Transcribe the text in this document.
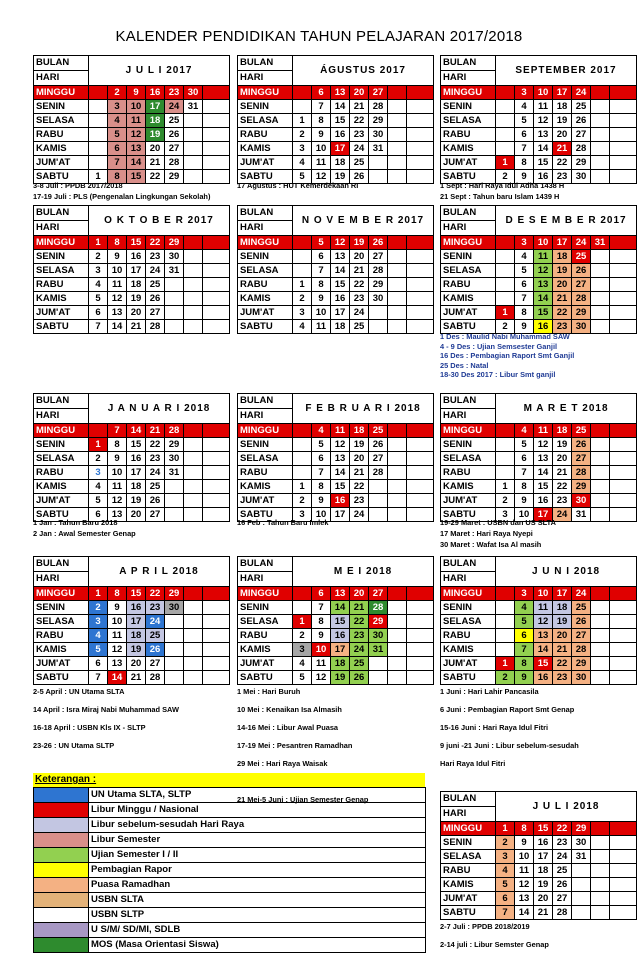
KALENDER PENDIDIKAN TAHUN PELAJARAN 2017/2018
BULAN	J U L I 2017						
HARI							
MINGGU		2	9	16	23	30	
SENIN		3	10	17	24	31	
SELASA		4	11	18	25		
RABU		5	12	19	26		
KAMIS		6	13	20	27		
JUM'AT		7	14	21	28		
SABTU	1	8	15	22	29		
3-8 Juli : PPDB 2017/2018
17-19 Juli : PLS (Pengenalan Lingkungan Sekolah)
BULAN	ÁGUSTUS 2017						
HARI							
MINGGU		6	13	20	27		
SENIN		7	14	21	28		
SELASA	1	8	15	22	29		
RABU	2	9	16	23	30		
KAMIS	3	10	17	24	31		
JUM'AT	4	11	18	25			
SABTU	5	12	19	26			
17 Agustus : HUT Kemerdekaan RI
BULAN	SEPTEMBER 2017						
HARI							
MINGGU		3	10	17	24		
SENIN		4	11	18	25		
SELASA		5	12	19	26		
RABU		6	13	20	27		
KAMIS		7	14	21	28		
JUM'AT	1	8	15	22	29		
SABTU	2	9	16	23	30		
1 Sept : Hari Raya Idul Adha 1438 H
21 Sept : Tahun baru Islam 1439 H
BULAN	O K T O B E R 2017						
HARI							
MINGGU	1	8	15	22	29		
SENIN	2	9	16	23	30		
SELASA	3	10	17	24	31		
RABU	4	11	18	25			
KAMIS	5	12	19	26			
JUM'AT	6	13	20	27			
SABTU	7	14	21	28			
BULAN	N O V E M B E R 2017						
HARI							
MINGGU		5	12	19	26		
SENIN		6	13	20	27		
SELASA		7	14	21	28		
RABU	1	8	15	22	29		
KAMIS	2	9	16	23	30		
JUM'AT	3	10	17	24			
SABTU	4	11	18	25			
BULAN	D E S E M B E R 2017						
HARI							
MINGGU		3	10	17	24	31	
SENIN		4	11	18	25		
SELASA		5	12	19	26		
RABU		6	13	20	27		
KAMIS		7	14	21	28		
JUM'AT	1	8	15	22	29		
SABTU	2	9	16	23	30		
1 Des : Maulid Nabi Muhammad SAW
4 - 9 Des : Ujian Semsester Ganjil
16 Des : Pembagian Raport Smt Ganjil
25 Des : Natal
18-30 Des 2017 : Libur Smt ganjil
BULAN	J A N U A R I 2018						
HARI							
MINGGU		7	14	21	28		
SENIN	1	8	15	22	29		
SELASA	2	9	16	23	30		
RABU	3	10	17	24	31		
KAMIS	4	11	18	25			
JUM'AT	5	12	19	26			
SABTU	6	13	20	27			
1 Jan : Tahun Baru 2018
2 Jan : Awal Semester Genap
BULAN	F E B R U A R I 2018						
HARI							
MINGGU		4	11	18	25		
SENIN		5	12	19	26		
SELASA		6	13	20	27		
RABU		7	14	21	28		
KAMIS	1	8	15	22			
JUM'AT	2	9	16	23			
SABTU	3	10	17	24			
16 Feb : Tahun Baru Imlek
BULAN	M A R E T 2018						
HARI							
MINGGU		4	11	18	25		
SENIN		5	12	19	26		
SELASA		6	13	20	27		
RABU		7	14	21	28		
KAMIS	1	8	15	22	29		
JUM'AT	2	9	16	23	30		
SABTU	3	10	17	24	31		
19-29 Maret : USBN dan US SLTA
17 Maret : Hari Raya Nyepi
30 Maret : Wafat Isa Al masih
BULAN	A P R I L 2018						
HARI							
MINGGU	1	8	15	22	29		
SENIN	2	9	16	23	30		
SELASA	3	10	17	24			
RABU	4	11	18	25			
KAMIS	5	12	19	26			
JUM'AT	6	13	20	27			
SABTU	7	14	21	28			
2-5 April : UN Utama SLTA
14 April : Isra Miraj Nabi Muhammad SAW
16-18 April : USBN Kls IX - SLTP
23-26 : UN Utama SLTP
BULAN	M E I 2018						
HARI							
MINGGU		6	13	20	27		
SENIN		7	14	21	28		
SELASA	1	8	15	22	29		
RABU	2	9	16	23	30		
KAMIS	3	10	17	24	31		
JUM'AT	4	11	18	25			
SABTU	5	12	19	26			
1 Mei : Hari Buruh
10 Mei : Kenaikan Isa Almasih
14-16 Mei : Libur Awal Puasa
17-19 Mei : Pesantren Ramadhan
29 Mei : Hari Raya Waisak
21 Mei-5 Juni : Ujian Semester Genap
BULAN	J U N I 2018						
HARI							
MINGGU		3	10	17	24		
SENIN		4	11	18	25		
SELASA		5	12	19	26		
RABU		6	13	20	27		
KAMIS		7	14	21	28		
JUM'AT	1	8	15	22	29		
SABTU	2	9	16	23	30		
1 Juni : Hari Lahir Pancasila
6 Juni : Pembagian Raport Smt Genap
15-16 Juni : Hari Raya Idul Fitri
9 juni -21 Juni : Libur sebelum-sesudah
Hari Raya Idul Fitri
BULAN	J U L I 2018						
HARI							
MINGGU	1	8	15	22	29		
SENIN	2	9	16	23	30		
SELASA	3	10	17	24	31		
RABU	4	11	18	25			
KAMIS	5	12	19	26			
JUM'AT	6	13	20	27			
SABTU	7	14	21	28			
2-7 Juli : PPDB 2018/2019
2-14 juli : Libur Semster Genap
Keterangan :
	UN Utama SLTA, SLTP
	Libur Minggu / Nasional
	Libur sebelum-sesudah Hari Raya
	Libur Semester
	Ujian Semester I / II
	Pembagian Rapor
	Puasa Ramadhan
	USBN SLTA
	USBN SLTP
	U S/M/ SD/MI, SDLB
	MOS (Masa Orientasi Siswa)
